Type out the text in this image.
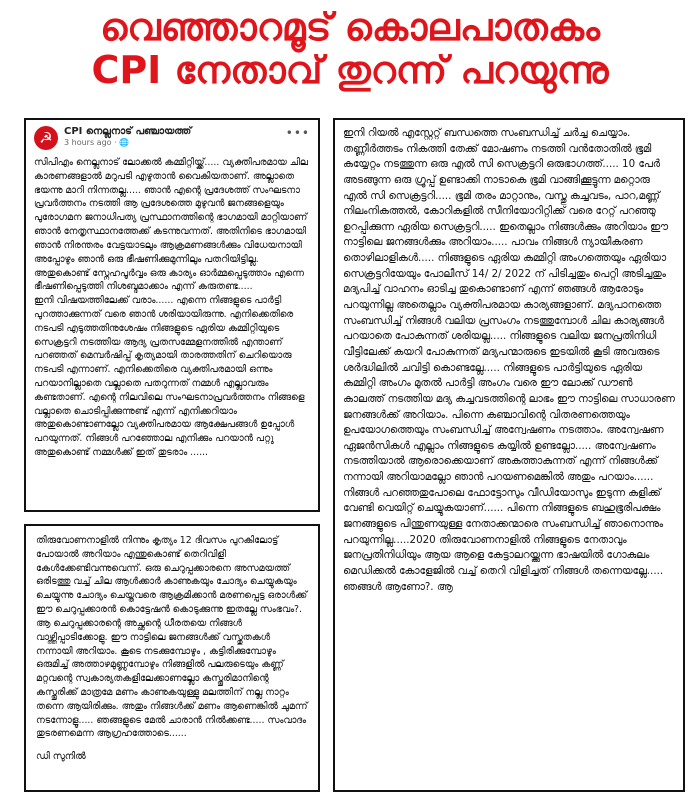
വെഞ്ഞാറമൂട് കൊലപാതകം
CPI നേതാവ് തുറന്ന് പറയുന്നു
☭	CPI നെല്ലനാട് പഞ്ചായത്ത്
3 hours ago · 🌐
•••
സിപിഎം നെല്ലനാട് ലോക്കൽ കമ്മിറ്റിയ്ക്ക്..... വ്യക്തിപരമായ ചില കാരണങ്ങളാൽ മറുപടി എഴുതാൻ വൈകിയതാണ്. അല്ലാതെ ഭയന്നു മാറി നിന്നതല്ല..... ഞാൻ എന്റെ പ്രദേശത്ത് സംഘടനാ പ്രവർത്തനം നടത്തി ആ പ്രദേശത്തെ മുഴുവൻ ജനങ്ങളെയും പുരോഗമന ജനാധിപത്യ പ്രസ്ഥാനത്തിന്റെ ഭാഗമായി മാറ്റിയാണ് ഞാൻ നേതൃസ്ഥാനത്തേക്ക് കടന്നുവന്നത്. അതിനിടെ ഭാഗമായി ഞാൻ നിരന്തരം വേട്ടയാടലും ആക്രമണങ്ങൾക്കും വിധേയനായി അപ്പോഴും ഞാൻ ഒരു ഭീഷണിക്കുമുന്നിലും പതറിയിട്ടില്ല. അതുകൊണ്ട് സ്നേഹപൂർവ്വം ഒരു കാര്യം ഓർമ്മപ്പെടുത്താം എന്നെ ഭീഷണിപ്പെടുത്തി നിശബ്ദമാക്കാം എന്ന് കരുതണ്ട.....
ഇനി വിഷയത്തിലേക്ക് വരാം...... എന്നെ നിങ്ങളുടെ പാർട്ടി പുറത്താക്കുന്നത് വരെ ഞാൻ ശരിയായിരുന്നു. എനിക്കെതിരെ നടപടി എടുത്തതിനുശേഷം നിങ്ങളുടെ ഏരിയ കമ്മിറ്റിയുടെ സെക്രട്ടറി നടത്തിയ ആദ്യ പ്രതസമ്മേളനത്തിൽ എന്താണ് പറഞ്ഞത് മെമ്പർഷിപ്പ് കൃത്യമായി താരത്തതിന് ചെറിയൊരു നടപടി എന്നാണ്. എനിക്കെതിരെ വ്യക്തിപരമായി ഒന്നും പറയാനില്ലാതെ വല്ലാതെ പതറുന്നത് നമ്മൾ എല്ലാവരും കണ്ടതാണ്. എന്റെ നിലവിലെ സംഘടനാപ്രവർത്തനം നിങ്ങളെ വല്ലാതെ ചൊടിപ്പിക്കുന്നുണ്ട് എന്ന് എനിക്കറിയാം അതുകൊണ്ടാണല്ലോ വ്യക്തിപരമായ ആക്ഷേപങ്ങൾ ഉപ്പോൾ പറയുന്നത്. നിങ്ങൾ പറഞ്ഞോല എനിക്കും പറയാൻ പറ്റു അതുകൊണ്ട് നമ്മൾക്ക് ഇത് തുടരാം ......
തിരുവോണനാളിൽ നിന്നും കൃത്യം 12 ദിവസം പുറകിലോട്ട് പോയാൽ അറിയാം എന്തുകൊണ്ട് തെറിവിളി കേൾക്കേണ്ടിവന്നുവെന്ന്. ഒരു ചെറുപ്പക്കാരനെ അസമയത്ത് ഒരിടത്തു വച്ച് ചില ആൾക്കാർ കാണുകയും ചോദ്യം ചെയ്യുകയും ചെയ്യുന്നു ചോദ്യം ചെയ്തവരെ ആക്രമിക്കാൻ മരണപ്പെട്ട ഒരാൾക്ക് ഈ ചെറുപ്പക്കാരൻ കൊട്ടേഷൻ കൊടുക്കുന്നു ഇതല്ലേ സംഭവം?. ആ ചെറുപ്പക്കാരന്റെ അച്ഛന്റെ ധീരതയെ നിങ്ങൾ വാഴ്ത്തിപ്പാടിക്കോളു. ഈ നാട്ടിലെ ജനങ്ങൾക്ക് വസ്തുതകൾ നന്നായി അറിയാം. കൂടെ നടക്കുമ്പോഴും , കട്ടിരിക്കുമ്പോഴും ഒരുമിച്ച് അത്താഴമുണ്ണുമ്പോഴും നിങ്ങളിൽ പലരുടെയും കണ്ണ് മറ്റവന്റെ സ്വകാര്യതകളിലേക്കാണല്ലോ കസ്തൂരിമാനിന്റെ കസ്തൂരിക്ക് മാത്രമേ മണം കാണുകയുള്ളു മലത്തിന് നല്ല നാറ്റം തന്നെ ആയിരിക്കും. അതും നിങ്ങൾക്ക് മണം ആണെങ്കിൽ ചുമന്ന് നടന്നോളൂ..... ഞങ്ങളുടെ മേൽ ചാരാൻ നിൽക്കണ്ട..... സംവാദം തുടരണമെന്ന ആഗ്രഹത്തോടെ......
ഡി സുനിൽ
ഇനി റിയൽ എസ്റ്റേറ്റ് ബന്ധത്തെ സംബന്ധിച്ച് ചർച്ച ചെയ്യാം. തണ്ണീർത്തടം നികത്തി തേക്ക് മോഷണം നടത്തി വൻതോതിൽ ഭൂമി കയ്യേറ്റം നടത്തുന്ന ഒരു എൽ സി സെക്രട്ടറി ഒരുഭാഗത്ത്..... 10 പേർ അടങ്ങുന്ന ഒരു ഗ്രൂപ്പ് ഉണ്ടാക്കി നാടാകെ ഭൂമി വാങ്ങിക്കൂട്ടുന്ന മറ്റൊരു എൽ സി സെക്രട്ടറി..... ഭൂമി തരം മാറ്റാനും, വസ്തു കച്ചവടം, പാറ,മണ്ണ് നിലംനികത്തൽ, കോറികളിൽ സീനിയോറിറ്റിക്ക് വരെ റേറ്റ് പറഞ്ഞു ഉറപ്പിക്കുന്ന ഏരിയ സെക്രട്ടറി..... ഇതെല്ലാം നിങ്ങൾക്കും അറിയാം ഈ നാട്ടിലെ ജനങ്ങൾക്കും അറിയാം..... പാവം നിങ്ങൾ ന്യായീകരണ തൊഴിലാളികൾ..... നിങ്ങളുടെ ഏരിയ കമ്മിറ്റി അംഗത്തെയും ഏരിയാ സെക്രട്ടറിയേയും പോലീസ് 14/ 2/ 2022 ന് പിടിച്ചതും പെറ്റി അടിച്ചതും മദ്യപിച്ച് വാഹനം ഓടിച്ച തുകൊണ്ടാണ് എന്ന് ഞങ്ങൾ ആരോടും പറയുന്നില്ല അതെല്ലാം വ്യക്തിപരമായ കാര്യങ്ങളാണ്. മദ്യപാനത്തെ സംബന്ധിച്ച് നിങ്ങൾ വലിയ പ്രസംഗം നടത്തുമ്പോൾ ചില കാര്യങ്ങൾ പറയാതെ പോകുന്നത് ശരിയല്ല..... നിങ്ങളുടെ വലിയ ജനപ്രതിനിധി വീട്ടിലേക്ക് കയറി പോകുന്നത് മദ്യപന്മാരുടെ ഇടയിൽ കൂടി അവരുടെ ശർദ്ധിലിൽ ചവിട്ടി കൊണ്ടല്ലേ..... നിങ്ങളുടെ പാർട്ടിയുടെ ഏരിയ കമ്മിറ്റി അംഗം മുതൽ പാർട്ടി അംഗം വരെ ഈ ലോക്ക് ഡൗൺ കാലത്ത് നടത്തിയ മദ്യ കച്ചവടത്തിന്റെ ലാഭം ഈ നാട്ടിലെ സാധാരണ ജനങ്ങൾക്ക് അറിയാം. പിന്നെ കഞ്ചാവിന്റെ വിതരണത്തെയും ഉപയോഗത്തെയും സംബന്ധിച്ച് അന്വേഷണം നടത്താം. അന്വേഷണ ഏജൻസികൾ എല്ലാം നിങ്ങളുടെ കയ്യിൽ ഉണ്ടല്ലോ..... അന്വേഷണം നടത്തിയാൽ ആരൊക്കെയാണ് അകത്താകുന്നത് എന്ന് നിങ്ങൾക്ക് നന്നായി അറിയാമല്ലോ ഞാൻ പറയണമെങ്കിൽ അതും പറയാം...... നിങ്ങൾ പറഞ്ഞതുപോലെ ഫോട്ടോസും വീഡിയോസും ഇടുന്ന കളിക്ക് വേണ്ടി വെയിറ്റ് ചെയ്യുകയാണ്...... പിന്നെ നിങ്ങളുടെ ബഹുഭൂരിപക്ഷം ജനങ്ങളുടെ പിന്തുണയുള്ള നേതാക്കന്മാരെ സംബന്ധിച്ച് ഞാനൊന്നും പറയുന്നില്ല.....2020 തിരുവോണനാളിൽ നിങ്ങളുടെ നേതാവും ജനപ്രതിനിധിയും ആയ ആളെ കേട്ടാലറയ്ക്കുന്ന ഭാഷയിൽ ഗോകുലം മെഡിക്കൽ കോളേജിൽ വച്ച് തെറി വിളിച്ചത് നിങ്ങൾ തന്നെയല്ലേ..... ഞങ്ങൾ ആണോ?. ആ
